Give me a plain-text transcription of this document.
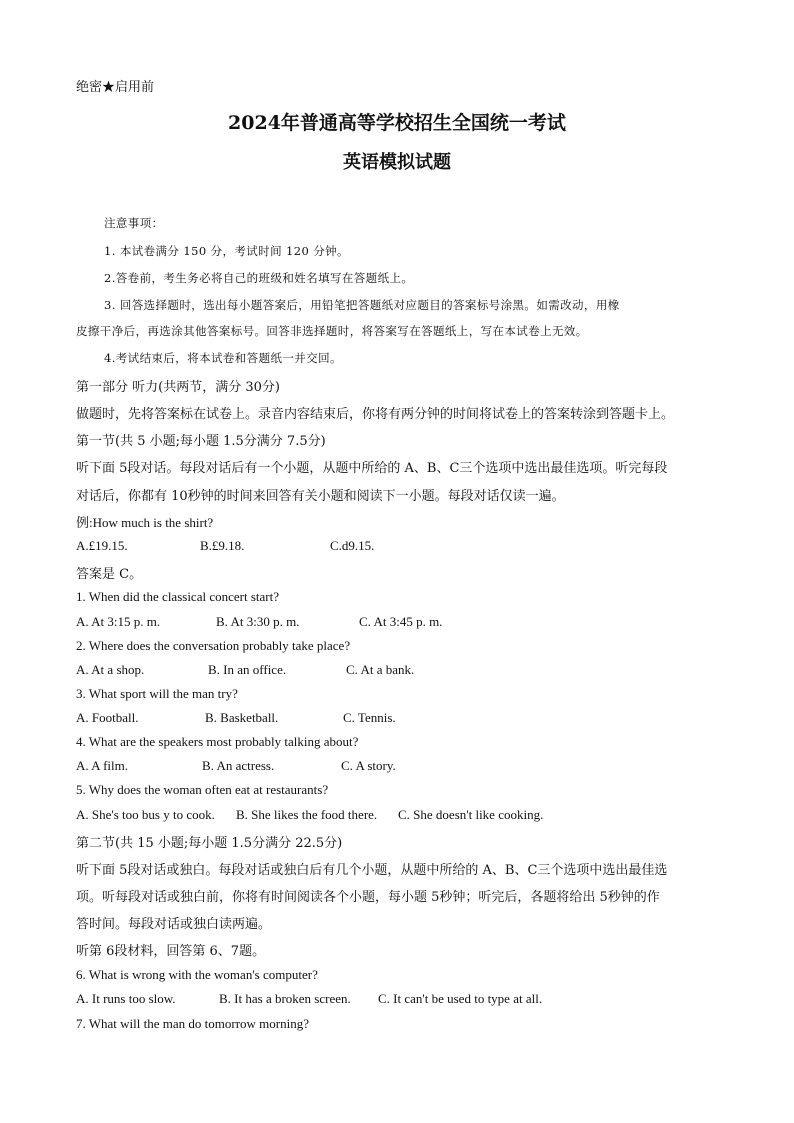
绝密★启用前
2024年普通高等学校招生全国统一考试
英语模拟试题
注意事项：
1. 本试卷满分 150 分，考试时间 120 分钟。
2.答卷前，考生务必将自己的班级和姓名填写在答题纸上。
3. 回答选择题时，选出每小题答案后，用铅笔把答题纸对应题目的答案标号涂黑。如需改动，用橡
皮擦干净后，再选涂其他答案标号。回答非选择题时，将答案写在答题纸上，写在本试卷上无效。
4.考试结束后，将本试卷和答题纸一并交回。
第一部分 听力(共两节，满分 30分)
做题时，先将答案标在试卷上。录音内容结束后，你将有两分钟的时间将试卷上的答案转涂到答题卡上。
第一节(共 5 小题;每小题 1.5分满分 7.5分)
听下面 5段对话。每段对话后有一个小题，从题中所给的 A、B、C三个选项中选出最佳选项。听完每段
对话后，你都有 10秒钟的时间来回答有关小题和阅读下一小题。每段对话仅读一遍。
例:How much is the shirt?
A.£19.15.	B.£9.18.	C.d9.15.
答案是 C。
1. When did the classical concert start?
A. At 3:15 p. m.	B. At 3:30 p. m.	C. At 3:45 p. m.
2. Where does the conversation probably take place?
A. At a shop.	B. In an office.	C. At a bank.
3. What sport will the man try?
A. Football.	B. Basketball.	C. Tennis.
4. What are the speakers most probably talking about?
A. A film.	B. An actress.	C. A story.
5. Why does the woman often eat at restaurants?
A. She's too bus y to cook. B. She likes the food there. C. She doesn't like cooking.
第二节(共 15 小题;每小题 1.5分满分 22.5分)
听下面 5段对话或独白。每段对话或独白后有几个小题，从题中所给的 A、B、C三个选项中选出最佳选
项。听每段对话或独白前，你将有时间阅读各个小题，每小题 5秒钟；听完后，各题将给出 5秒钟的作
答时间。每段对话或独白读两遍。
听第 6段材料，回答第 6、7题。
6. What is wrong with the woman's computer?
A. It runs too slow.	B. It has a broken screen. C. It can't be used to type at all.
7. What will the man do tomorrow morning?
